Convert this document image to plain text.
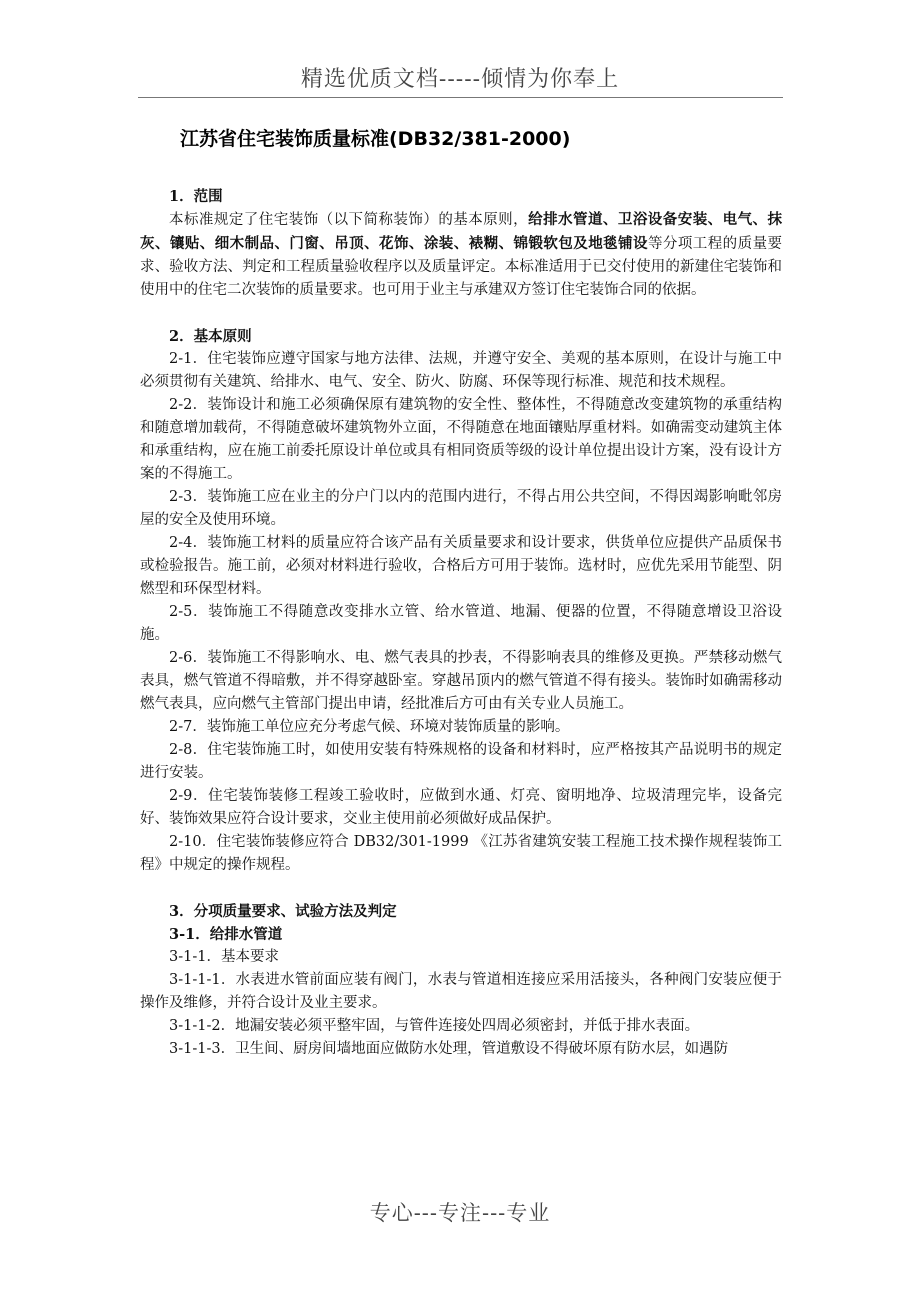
精选优质文档-----倾情为你奉上
江苏省住宅装饰质量标准(DB32/381-2000)
1．范围
本标准规定了住宅装饰（以下简称装饰）的基本原则，给排水管道、卫浴设备安装、电气、抹灰、镶贴、细木制品、门窗、吊顶、花饰、涂装、裱糊、锦锻软包及地毯铺设等分项工程的质量要求、验收方法、判定和工程质量验收程序以及质量评定。本标准适用于已交付使用的新建住宅装饰和使用中的住宅二次装饰的质量要求。也可用于业主与承建双方签订住宅装饰合同的依据。
2．基本原则
2-1．住宅装饰应遵守国家与地方法律、法规，并遵守安全、美观的基本原则，在设计与施工中必须贯彻有关建筑、给排水、电气、安全、防火、防腐、环保等现行标准、规范和技术规程。
2-2．装饰设计和施工必须确保原有建筑物的安全性、整体性，不得随意改变建筑物的承重结构和随意增加载荷，不得随意破坏建筑物外立面，不得随意在地面镶贴厚重材料。如确需变动建筑主体和承重结构，应在施工前委托原设计单位或具有相同资质等级的设计单位提出设计方案，没有设计方案的不得施工。
2-3．装饰施工应在业主的分户门以内的范围内进行，不得占用公共空间，不得因竭影响毗邻房屋的安全及使用环境。
2-4．装饰施工材料的质量应符合该产品有关质量要求和设计要求，供货单位应提供产品质保书或检验报告。施工前，必须对材料进行验收，合格后方可用于装饰。选材时，应优先采用节能型、阴燃型和环保型材料。
2-5．装饰施工不得随意改变排水立管、给水管道、地漏、便器的位置，不得随意增设卫浴设施。
2-6．装饰施工不得影响水、电、燃气表具的抄表，不得影响表具的维修及更换。严禁移动燃气表具，燃气管道不得暗敷，并不得穿越卧室。穿越吊顶内的燃气管道不得有接头。装饰时如确需移动燃气表具，应向燃气主管部门提出申请，经批准后方可由有关专业人员施工。
2-7．装饰施工单位应充分考虑气候、环境对装饰质量的影响。
2-8．住宅装饰施工时，如使用安装有特殊规格的设备和材料时，应严格按其产品说明书的规定进行安装。
2-9．住宅装饰装修工程竣工验收时，应做到水通、灯亮、窗明地净、垃圾清理完毕，设备完好、装饰效果应符合设计要求，交业主使用前必须做好成品保护。
2-10．住宅装饰装修应符合 DB32/301-1999 《江苏省建筑安装工程施工技术操作规程装饰工程》中规定的操作规程。
3．分项质量要求、试验方法及判定
3-1．给排水管道
3-1-1．基本要求
3-1-1-1．水表进水管前面应装有阀门，水表与管道相连接应采用活接头，各种阀门安装应便于操作及维修，并符合设计及业主要求。
3-1-1-2．地漏安装必须平整牢固，与管件连接处四周必须密封，并低于排水表面。
3-1-1-3．卫生间、厨房间墙地面应做防水处理，管道敷设不得破坏原有防水层，如遇防
专心---专注---专业
